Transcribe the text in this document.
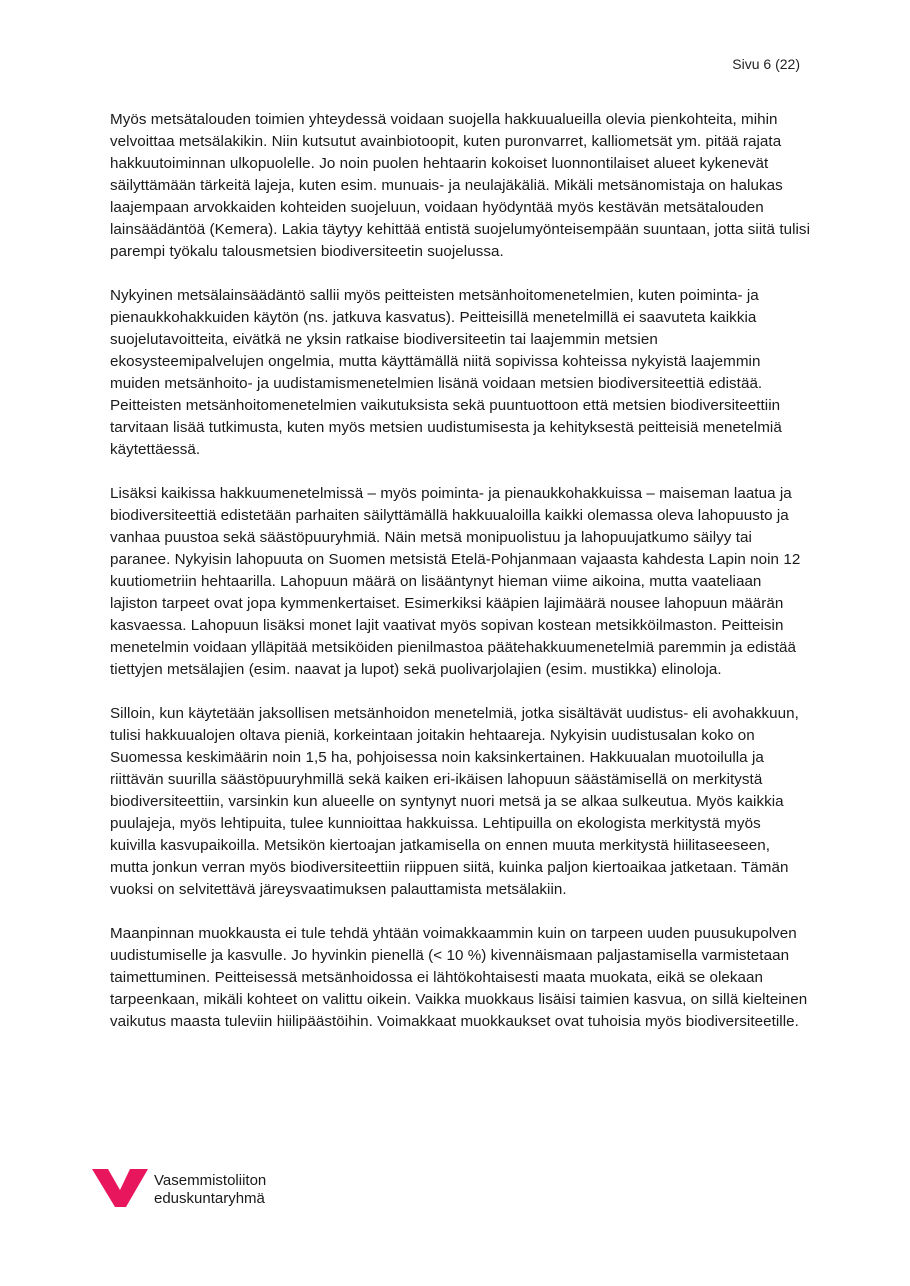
Sivu 6 (22)

Myös metsätalouden toimien yhteydessä voidaan suojella hakkuualueilla olevia pienkohteita, mihin velvoittaa metsälakikin. Niin kutsutut avainbiotoopit, kuten puronvarret, kalliometsät ym. pitää rajata hakkuutoiminnan ulkopuolelle. Jo noin puolen hehtaarin kokoiset luonnontilaiset alueet kykenevät säilyttämään tärkeitä lajeja, kuten esim. munuais- ja neulajäkäliä. Mikäli metsänomistaja on halukas laajempaan arvokkaiden kohteiden suojeluun, voidaan hyödyntää myös kestävän metsätalouden lainsäädäntöä (Kemera). Lakia täytyy kehittää entistä suojelumyönteisempään suuntaan, jotta siitä tulisi parempi työkalu talousmetsien biodiversiteetin suojelussa.

Nykyinen metsälainsäädäntö sallii myös peitteisten metsänhoitomenetelmien, kuten poiminta- ja pienaukkohakkuiden käytön (ns. jatkuva kasvatus). Peitteisillä menetelmillä ei saavuteta kaikkia suojelutavoitteita, eivätkä ne yksin ratkaise biodiversiteetin tai laajemmin metsien ekosysteemipalvelujen ongelmia, mutta käyttämällä niitä sopivissa kohteissa nykyistä laajemmin muiden metsänhoito- ja uudistamismenetelmien lisänä voidaan metsien biodiversiteettiä edistää. Peitteisten metsänhoitomenetelmien vaikutuksista sekä puuntuottoon että metsien biodiversiteettiin tarvitaan lisää tutkimusta, kuten myös metsien uudistumisesta ja kehityksestä peitteisiä menetelmiä käytettäessä.

Lisäksi kaikissa hakkuumenetelmissä – myös poiminta- ja pienaukkohakkuissa – maiseman laatua ja biodiversiteettiä edistetään parhaiten säilyttämällä hakkuualoilla kaikki olemassa oleva lahopuusto ja vanhaa puustoa sekä säästöpuuryhmiä. Näin metsä monipuolistuu ja lahopuujatkumo säilyy tai paranee. Nykyisin lahopuuta on Suomen metsistä Etelä-Pohjanmaan vajaasta kahdesta Lapin noin 12 kuutiometriin hehtaarilla. Lahopuun määrä on lisääntynyt hieman viime aikoina, mutta vaateliaan lajiston tarpeet ovat jopa kymmenkertaiset. Esimerkiksi kääpien lajimäärä nousee lahopuun määrän kasvaessa. Lahopuun lisäksi monet lajit vaativat myös sopivan kostean metsikköilmaston. Peitteisin menetelmin voidaan ylläpitää metsiköiden pienilmastoa päätehakkuumenetelmiä paremmin ja edistää tiettyjen metsälajien (esim. naavat ja lupot) sekä puolivarjolajien (esim. mustikka) elinoloja.

Silloin, kun käytetään jaksollisen metsänhoidon menetelmiä, jotka sisältävät uudistus- eli avohakkuun, tulisi hakkuualojen oltava pieniä, korkeintaan joitakin hehtaareja. Nykyisin uudistusalan koko on Suomessa keskimäärin noin 1,5 ha, pohjoisessa noin kaksinkertainen. Hakkuualan muotoilulla ja riittävän suurilla säästöpuuryhmillä sekä kaiken eri-ikäisen lahopuun säästämisellä on merkitystä biodiversiteettiin, varsinkin kun alueelle on syntynyt nuori metsä ja se alkaa sulkeutua. Myös kaikkia puulajeja, myös lehtipuita, tulee kunnioittaa hakkuissa. Lehtipuilla on ekologista merkitystä myös kuivilla kasvupaikoilla. Metsikön kiertoajan jatkamisella on ennen muuta merkitystä hiilitaseeseen, mutta jonkun verran myös biodiversiteettiin riippuen siitä, kuinka paljon kiertoaikaa jatketaan. Tämän vuoksi on selvitettävä järeysvaatimuksen palauttamista metsälakiin.

Maanpinnan muokkausta ei tule tehdä yhtään voimakkaammin kuin on tarpeen uuden puusukupolven uudistumiselle ja kasvulle. Jo hyvinkin pienellä (< 10 %) kivennäismaan paljastamisella varmistetaan taimettuminen. Peitteisessä metsänhoidossa ei lähtökohtaisesti maata muokata, eikä se olekaan tarpeenkaan, mikäli kohteet on valittu oikein. Vaikka muokkaus lisäisi taimien kasvua, on sillä kielteinen vaikutus maasta tuleviin hiilipäästöihin. Voimakkaat muokkaukset ovat tuhoisia myös biodiversiteetille.

Vasemmistoliiton
eduskuntaryhmä
